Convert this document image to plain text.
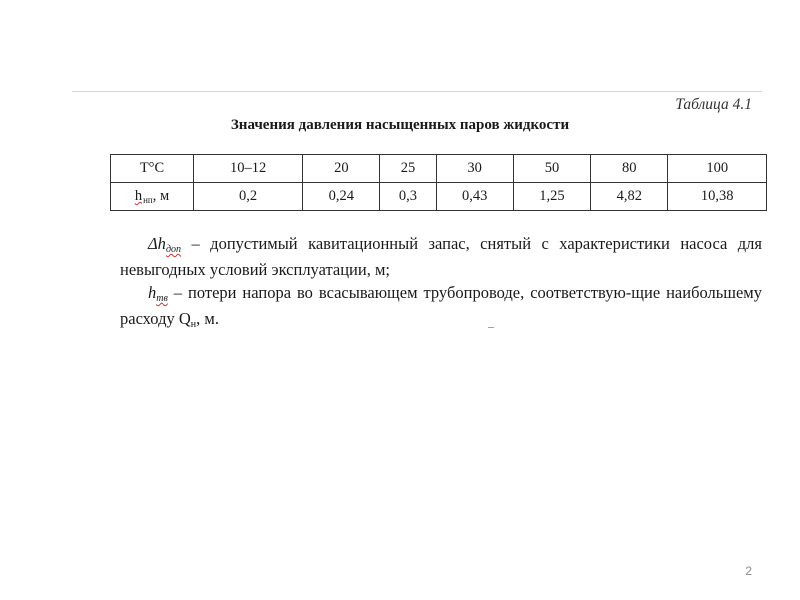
Таблица 4.1
Значения давления насыщенных паров жидкости
T°C	10–12	20	25	30	50	80	100
$h_{нп}$, м	0,2	0,24	0,3	0,43	1,25	4,82	10,38

Δhдоп – допустимый кавитационный запас, снятый с характеристики насоса для невыгодных условий эксплуатации, м;

hтв – потери напора во всасывающем трубопроводе, соответствую-щие наибольшему расходу Qн, м.

2
